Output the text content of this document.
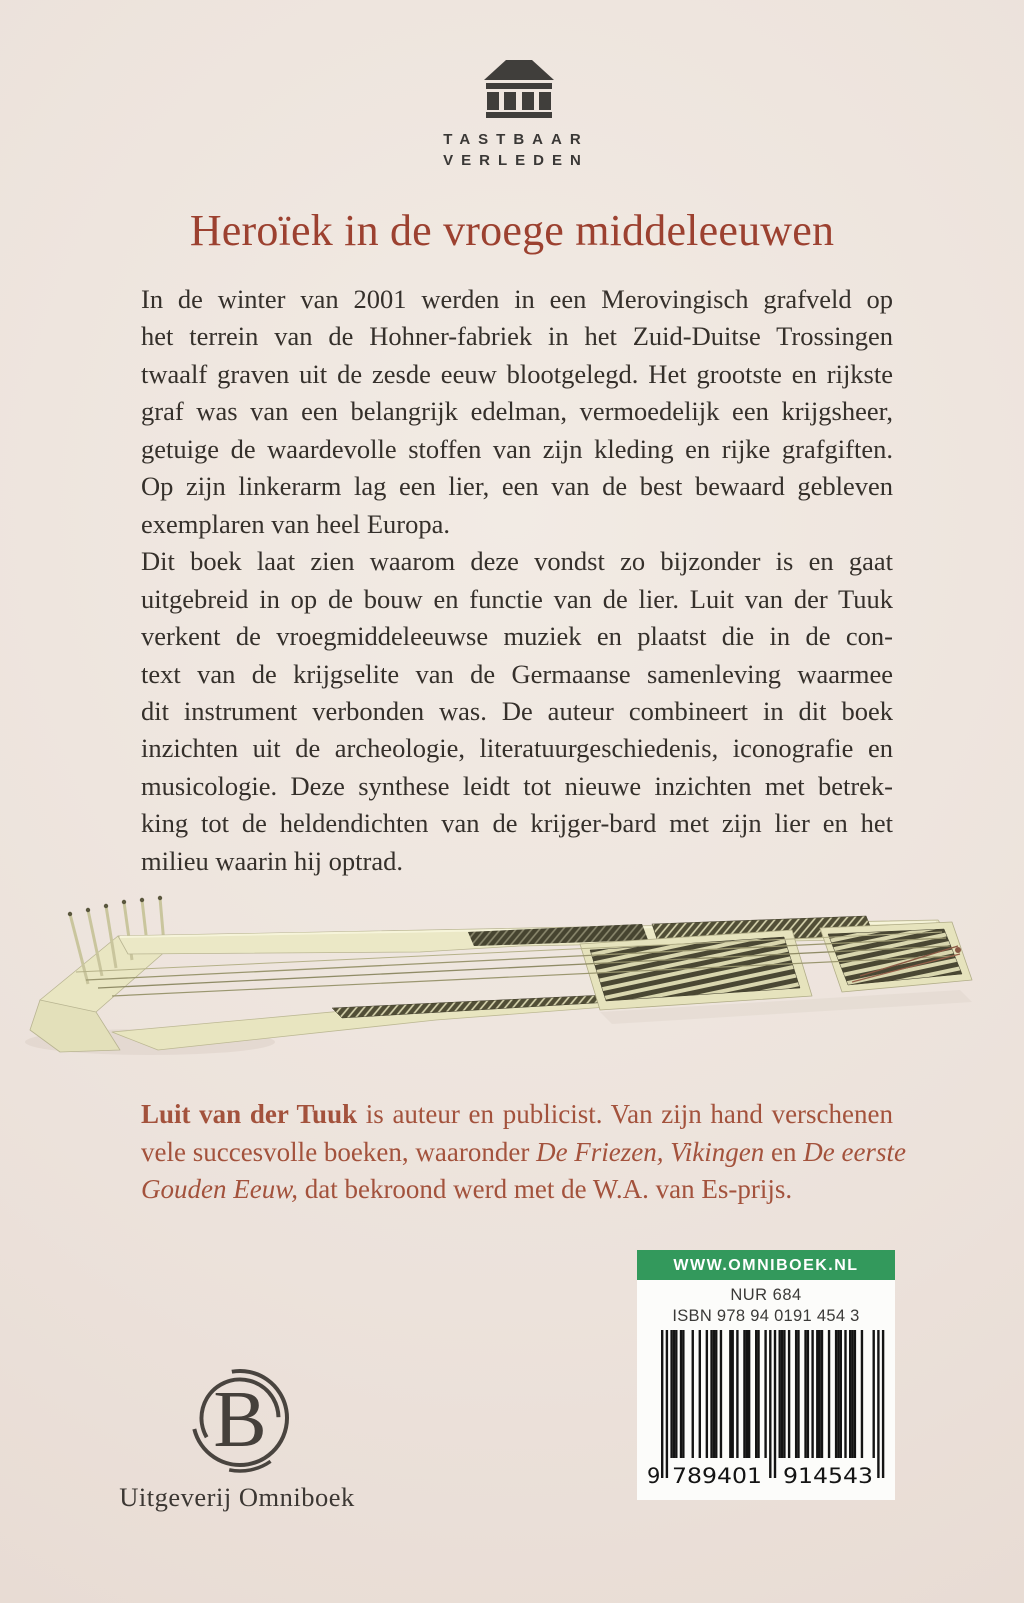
TASTBAAR
VERLEDEN
Heroïek in de vroege middeleeuwen
In de winter van 2001 werden in een Merovingisch grafveld op
het terrein van de Hohner-fabriek in het Zuid-Duitse Trossingen
twaalf graven uit de zesde eeuw blootgelegd. Het grootste en rijkste
graf was van een belangrijk edelman, vermoedelijk een krijgsheer,
getuige de waardevolle stoffen van zijn kleding en rijke grafgiften.
Op zijn linkerarm lag een lier, een van de best bewaard gebleven
exemplaren van heel Europa.
Dit boek laat zien waarom deze vondst zo bijzonder is en gaat
uitgebreid in op de bouw en functie van de lier. Luit van der Tuuk
verkent de vroegmiddeleeuwse muziek en plaatst die in de con-
text van de krijgselite van de Germaanse samenleving waarmee
dit instrument verbonden was. De auteur combineert in dit boek
inzichten uit de archeologie, literatuurgeschiedenis, iconografie en
musicologie. Deze synthese leidt tot nieuwe inzichten met betrek-
king tot de heldendichten van de krijger-bard met zijn lier en het
milieu waarin hij optrad.
Luit van der Tuuk is auteur en publicist. Van zijn hand verschenen
vele succesvolle boeken, waaronder De Friezen, Vikingen en De eerste
Gouden Eeuw, dat bekroond werd met de W.A. van Es-prijs.
WWW.OMNIBOEK.NL
NUR 684
ISBN 978 94 0191 454 3
9 789401 914543
B
Uitgeverij Omniboek
